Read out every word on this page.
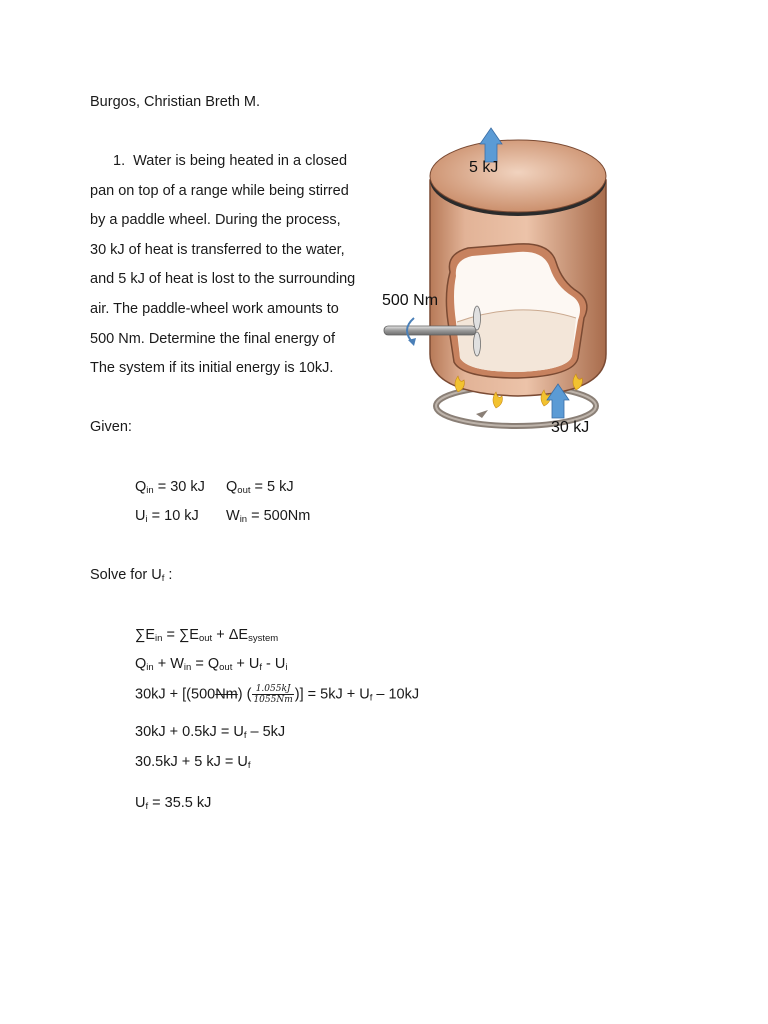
Burgos, Christian Breth M.
1. Water is being heated in a closed
pan on top of a range while being stirred
by a paddle wheel. During the process,
30 kJ of heat is transferred to the water,
and 5 kJ of heat is lost to the surrounding
air. The paddle-wheel work amounts to
500 Nm. Determine the final energy of
The system if its initial energy is 10kJ.
5 kJ
500 Nm
30 kJ
Given:
$Q_{in} = 30$ kJ $Q_{out} = 5$ kJ
$U_i = 10$ kJ $W_{in} = 500Nm$
Solve for $U_f$ :
$\sum E_{in} = \sum E_{out} + \Delta E_{system}$
$Q_{in} + W_{in} = Q_{out} + U_f - U_i$
30kJ + [(500Nm) ( $\frac{1.055kJ}{1055Nm}$ )] = $5kJ + U_f - 10kJ$
$30kJ + 0.5kJ = U_f - 5kJ$
30.5kJ + 5 kJ = $U_f$
$U_f = 35.5$ kJ
